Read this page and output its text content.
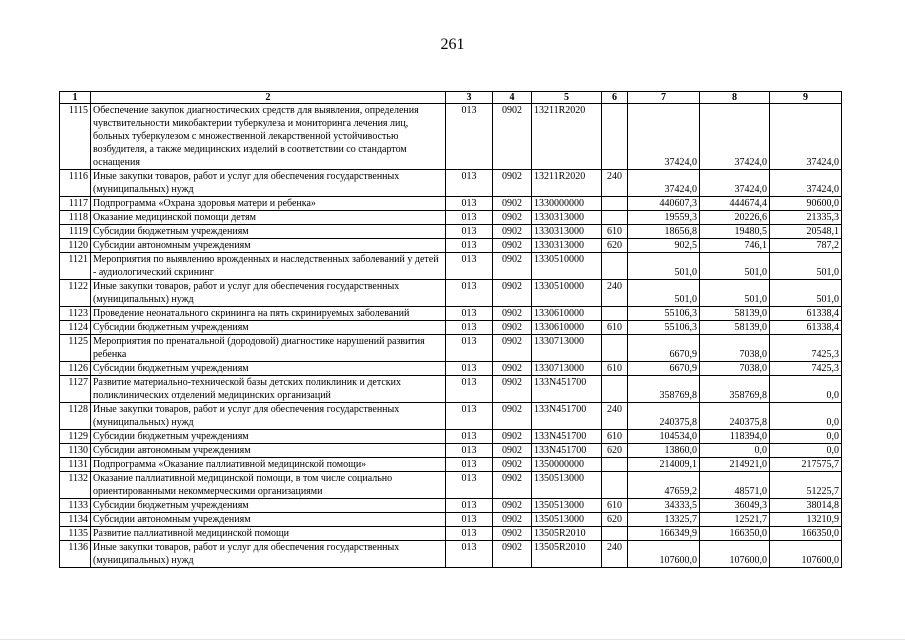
261
1	2	3	4	5	6	7	8	9
1115	Обеспечение закупок диагностических средств для выявления, определения чувствительности микобактерии туберкулеза и мониторинга лечения лиц, больных туберкулезом с множественной лекарственной устойчивостью возбудителя, а также медицинских изделий в соответствии со стандартом оснащения	013	0902	13211R2020		37424,0	37424,0	37424,0
1116	Иные закупки товаров, работ и услуг для обеспечения государственных (муниципальных) нужд	013	0902	13211R2020	240	37424,0	37424,0	37424,0
1117	Подпрограмма «Охрана здоровья матери и ребенка»	013	0902	1330000000		440607,3	444674,4	90600,0
1118	Оказание медицинской помощи детям	013	0902	1330313000		19559,3	20226,6	21335,3
1119	Субсидии бюджетным учреждениям	013	0902	1330313000	610	18656,8	19480,5	20548,1
1120	Субсидии автономным учреждениям	013	0902	1330313000	620	902,5	746,1	787,2
1121	Мероприятия по выявлению врожденных и наследственных заболеваний у детей - аудиологический скрининг	013	0902	1330510000		501,0	501,0	501,0
1122	Иные закупки товаров, работ и услуг для обеспечения государственных (муниципальных) нужд	013	0902	1330510000	240	501,0	501,0	501,0
1123	Проведение неонатального скрининга на пять скринируемых заболеваний	013	0902	1330610000		55106,3	58139,0	61338,4
1124	Субсидии бюджетным учреждениям	013	0902	1330610000	610	55106,3	58139,0	61338,4
1125	Мероприятия по пренатальной (дородовой) диагностике нарушений развития ребенка	013	0902	1330713000		6670,9	7038,0	7425,3
1126	Субсидии бюджетным учреждениям	013	0902	1330713000	610	6670,9	7038,0	7425,3
1127	Развитие материально-технической базы детских поликлиник и детских поликлинических отделений медицинских организаций	013	0902	133N451700		358769,8	358769,8	0,0
1128	Иные закупки товаров, работ и услуг для обеспечения государственных (муниципальных) нужд	013	0902	133N451700	240	240375,8	240375,8	0,0
1129	Субсидии бюджетным учреждениям	013	0902	133N451700	610	104534,0	118394,0	0,0
1130	Субсидии автономным учреждениям	013	0902	133N451700	620	13860,0	0,0	0,0
1131	Подпрограмма «Оказание паллиативной медицинской помощи»	013	0902	1350000000		214009,1	214921,0	217575,7
1132	Оказание паллиативной медицинской помощи, в том числе социально ориентированными некоммерческими организациями	013	0902	1350513000		47659,2	48571,0	51225,7
1133	Субсидии бюджетным учреждениям	013	0902	1350513000	610	34333,5	36049,3	38014,8
1134	Субсидии автономным учреждениям	013	0902	1350513000	620	13325,7	12521,7	13210,9
1135	Развитие паллиативной медицинской помощи	013	0902	13505R2010		166349,9	166350,0	166350,0
1136	Иные закупки товаров, работ и услуг для обеспечения государственных (муниципальных) нужд	013	0902	13505R2010	240	107600,0	107600,0	107600,0
